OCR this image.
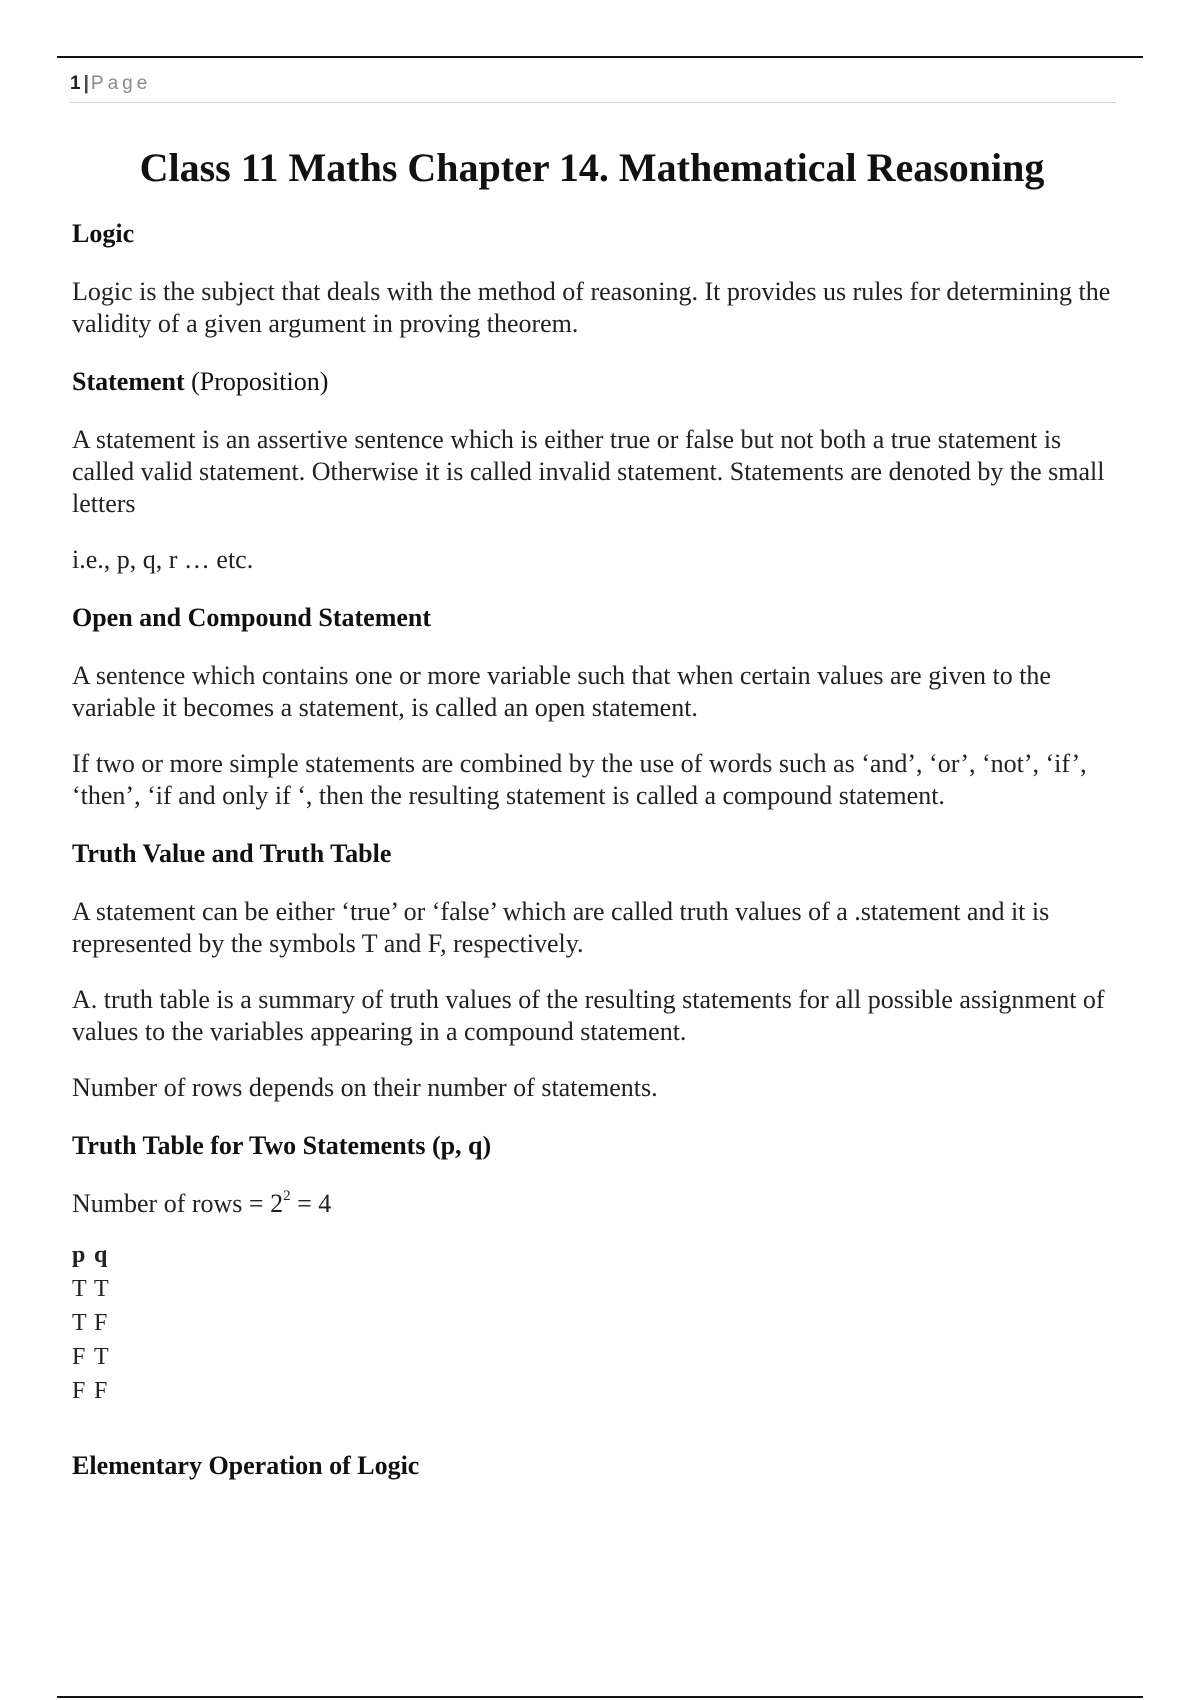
1 | Page
Class 11 Maths Chapter 14. Mathematical Reasoning
Logic

Logic is the subject that deals with the method of reasoning. It provides us rules for determining the validity of a given argument in proving theorem.

Statement (Proposition)

A statement is an assertive sentence which is either true or false but not both a true statement is called valid statement. Otherwise it is called invalid statement. Statements are denoted by the small letters

i.e., p, q, r … etc.

Open and Compound Statement

A sentence which contains one or more variable such that when certain values are given to the variable it becomes a statement, is called an open statement.

If two or more simple statements are combined by the use of words such as ‘and’, ‘or’, ‘not’, ‘if’, ‘then’, ‘if and only if ‘, then the resulting statement is called a compound statement.

Truth Value and Truth Table

A statement can be either ‘true’ or ‘false’ which are called truth values of a .statement and it is represented by the symbols T and F, respectively.

A. truth table is a summary of truth values of the resulting statements for all possible assignment of values to the variables appearing in a compound statement.

Number of rows depends on their number of statements.

Truth Table for Two Statements (p, q)

Number of rows = $2^2 = 4$

p q
T T
T F
F T
F F
Elementary Operation of Logic
